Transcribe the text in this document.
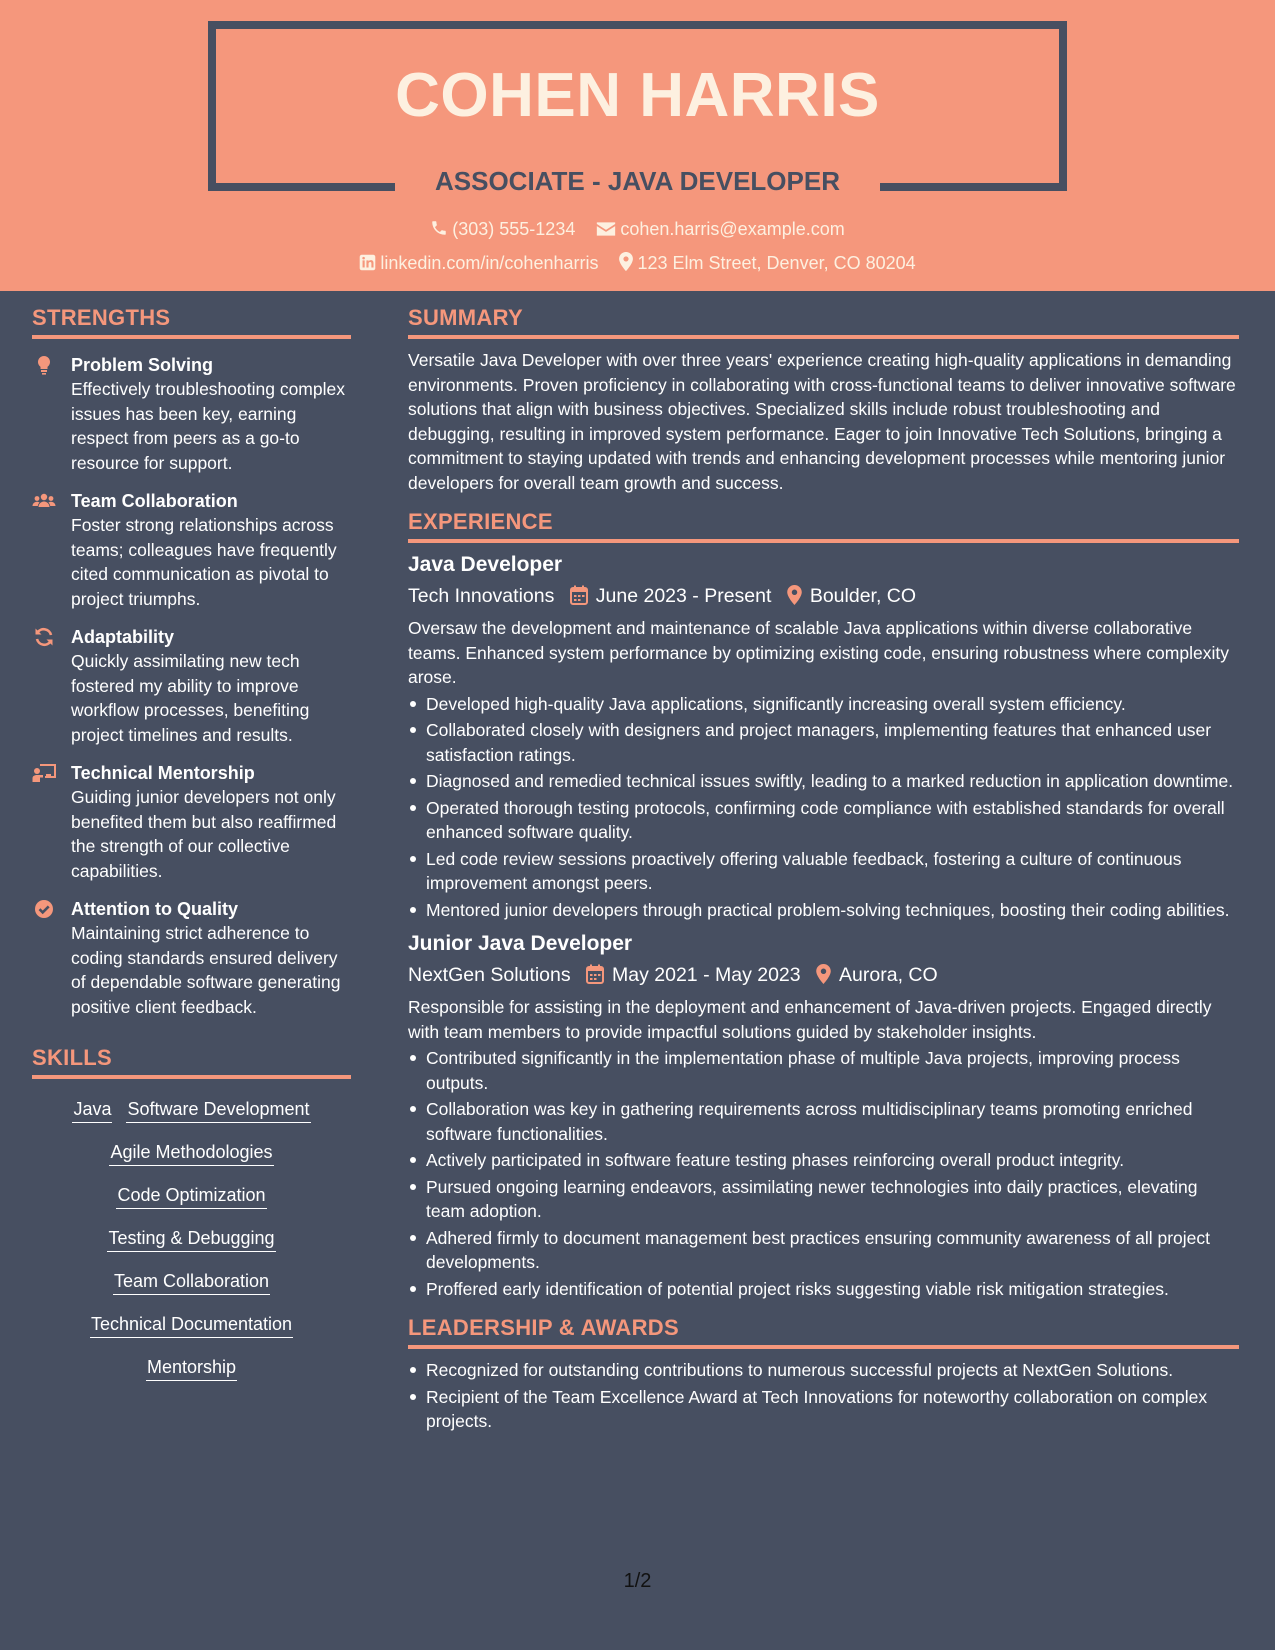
COHEN HARRIS
ASSOCIATE - JAVA DEVELOPER
(303) 555-1234	cohen.harris@example.com
linkedin.com/in/cohenharris 123 Elm Street, Denver, CO 80204
STRENGTHS
Problem Solving
Effectively troubleshooting complex issues has been key, earning respect from peers as a go-to resource for support.
Team Collaboration
Foster strong relationships across teams; colleagues have frequently cited communication as pivotal to project triumphs.
Adaptability
Quickly assimilating new tech fostered my ability to improve workflow processes, benefiting project timelines and results.
Technical Mentorship
Guiding junior developers not only benefited them but also reaffirmed the strength of our collective capabilities.
Attention to Quality
Maintaining strict adherence to coding standards ensured delivery of dependable software generating positive client feedback.
SKILLS
Java Software Development
Agile Methodologies
Code Optimization
Testing & Debugging
Team Collaboration
Technical Documentation
Mentorship
SUMMARY
Versatile Java Developer with over three years' experience creating high-quality applications in demanding environments. Proven proficiency in collaborating with cross-functional teams to deliver innovative software solutions that align with business objectives. Specialized skills include robust troubleshooting and debugging, resulting in improved system performance. Eager to join Innovative Tech Solutions, bringing a commitment to staying updated with trends and enhancing development processes while mentoring junior developers for overall team growth and success.
EXPERIENCE
Java Developer
Tech Innovations June 2023 - Present Boulder, CO
Oversaw the development and maintenance of scalable Java applications within diverse collaborative teams. Enhanced system performance by optimizing existing code, ensuring robustness where complexity arose.
Developed high-quality Java applications, significantly increasing overall system efficiency.
Collaborated closely with designers and project managers, implementing features that enhanced user satisfaction ratings.
Diagnosed and remedied technical issues swiftly, leading to a marked reduction in application downtime.
Operated thorough testing protocols, confirming code compliance with established standards for overall enhanced software quality.
Led code review sessions proactively offering valuable feedback, fostering a culture of continuous improvement amongst peers.
Mentored junior developers through practical problem-solving techniques, boosting their coding abilities.
Junior Java Developer
NextGen Solutions May 2021 - May 2023 Aurora, CO
Responsible for assisting in the deployment and enhancement of Java-driven projects. Engaged directly with team members to provide impactful solutions guided by stakeholder insights.
Contributed significantly in the implementation phase of multiple Java projects, improving process outputs.
Collaboration was key in gathering requirements across multidisciplinary teams promoting enriched software functionalities.
Actively participated in software feature testing phases reinforcing overall product integrity.
Pursued ongoing learning endeavors, assimilating newer technologies into daily practices, elevating team adoption.
Adhered firmly to document management best practices ensuring community awareness of all project developments.
Proffered early identification of potential project risks suggesting viable risk mitigation strategies.
LEADERSHIP & AWARDS
Recognized for outstanding contributions to numerous successful projects at NextGen Solutions.
Recipient of the Team Excellence Award at Tech Innovations for noteworthy collaboration on complex projects.
1/2
